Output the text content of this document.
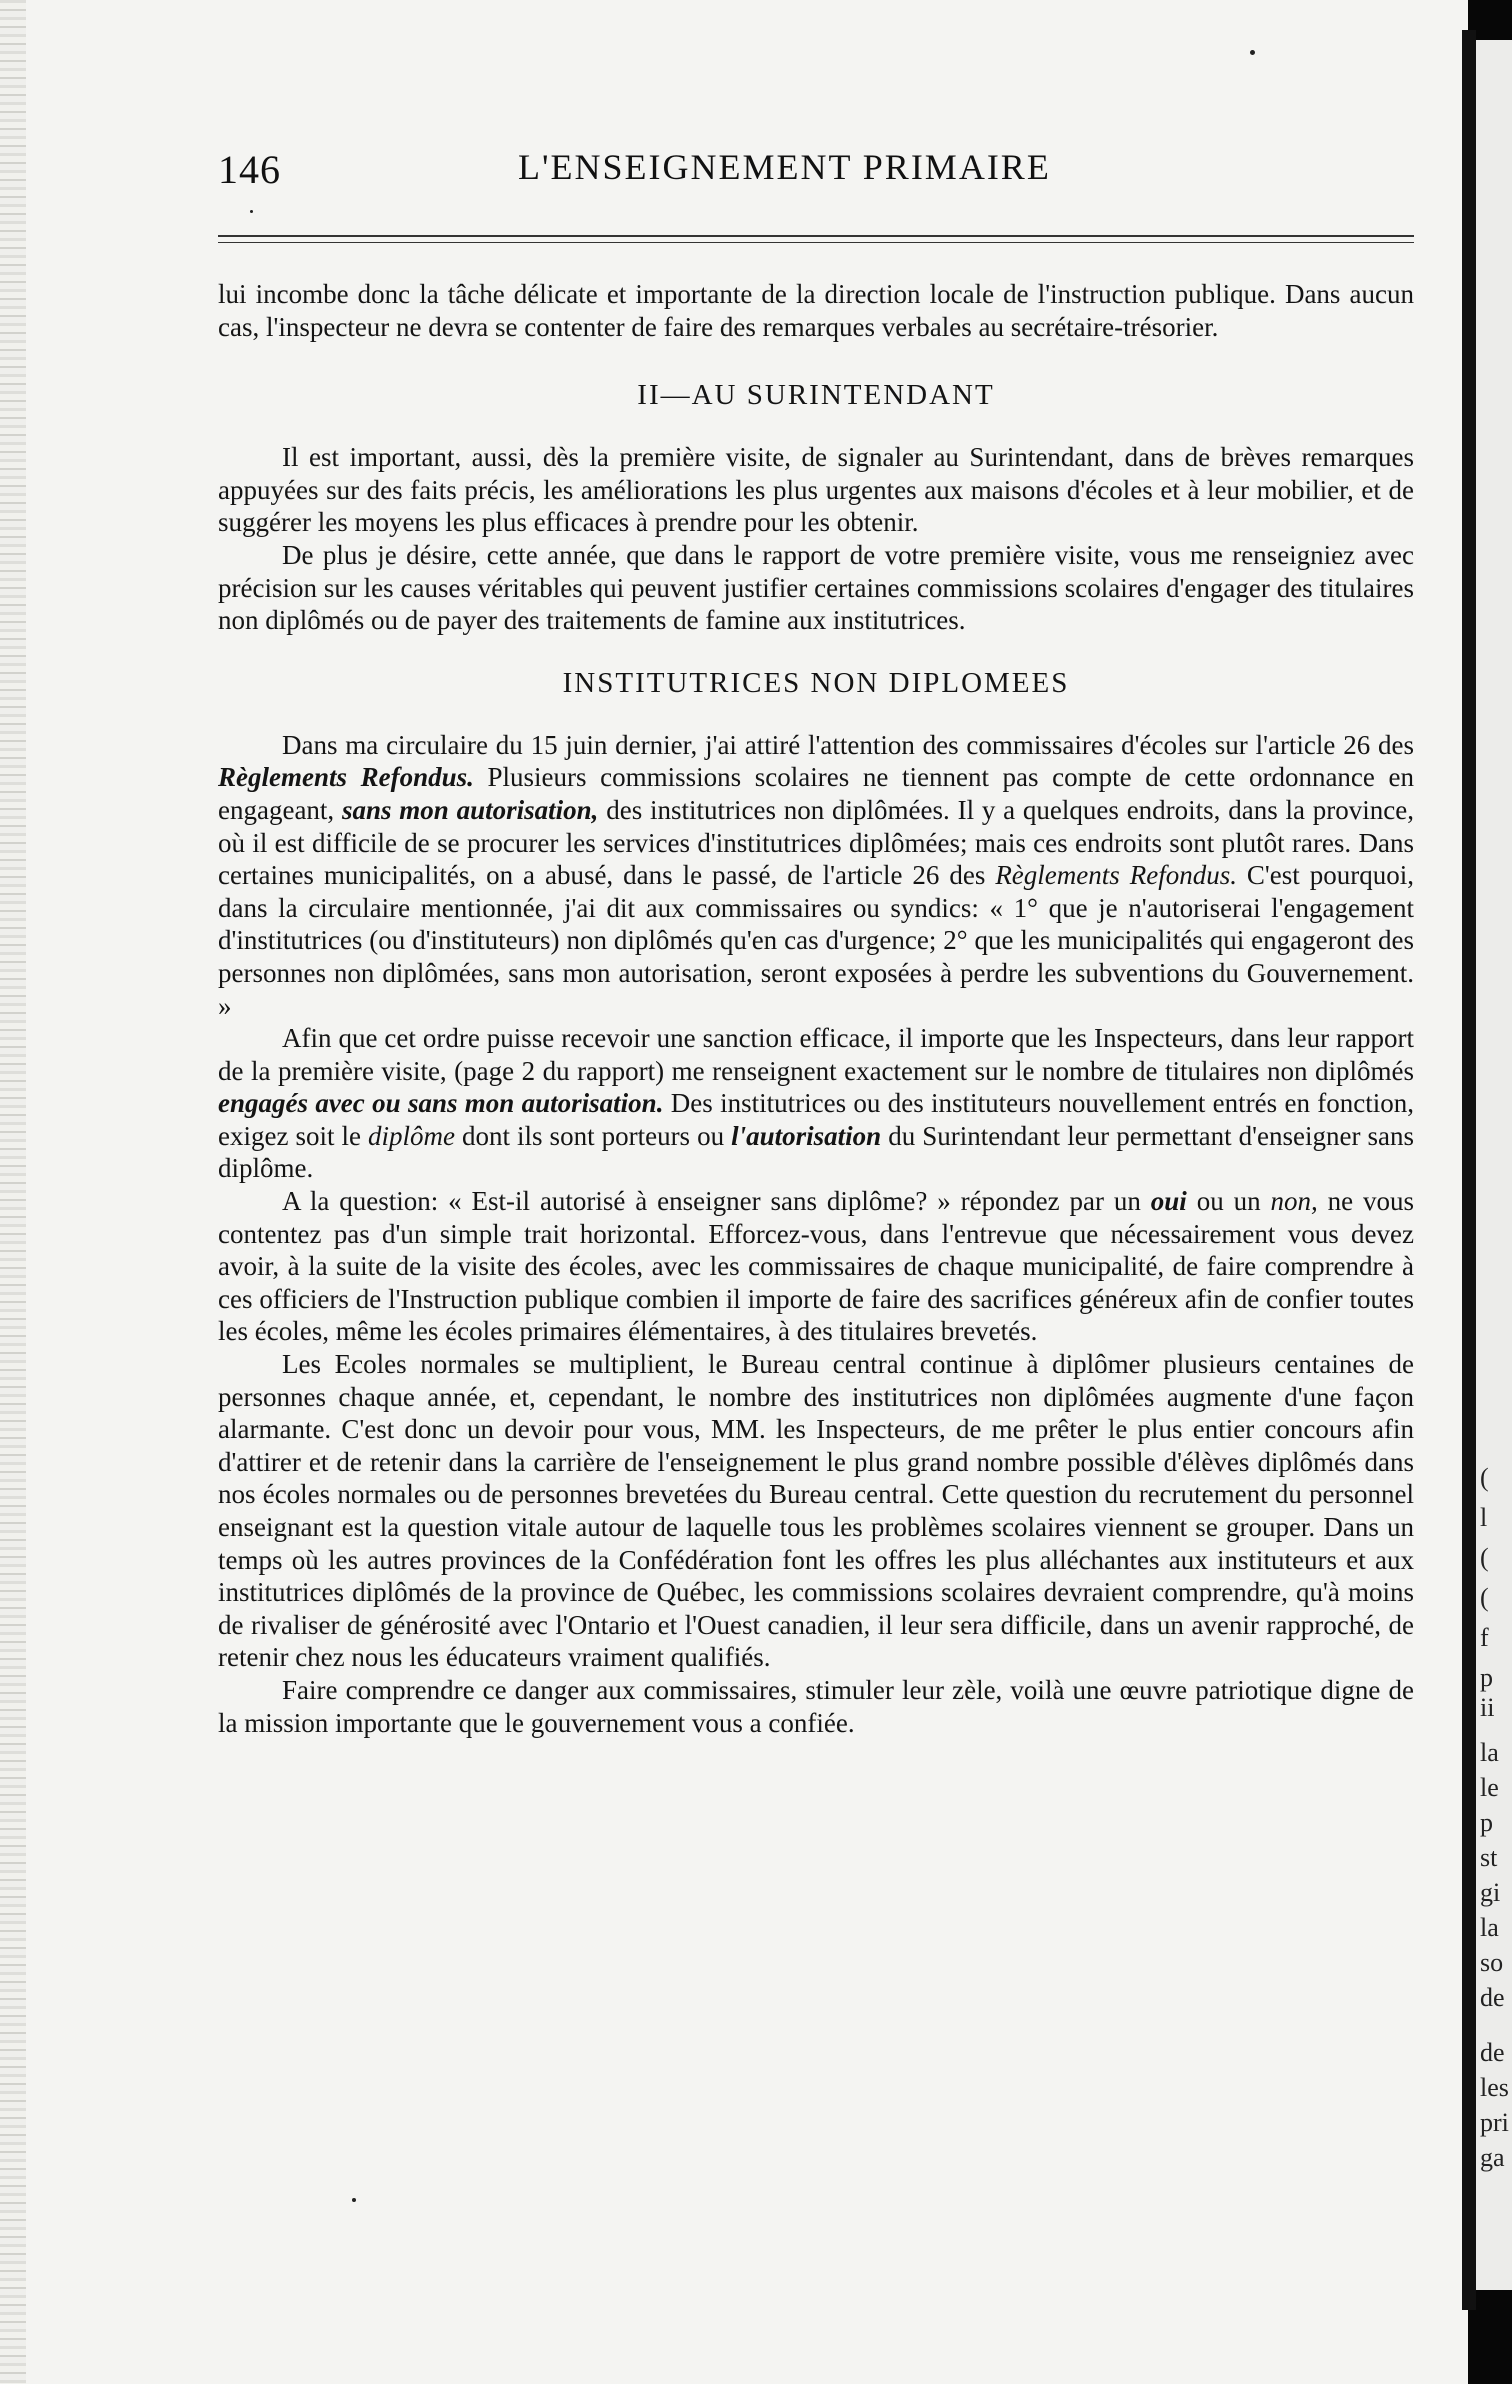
146	L'ENSEIGNEMENT PRIMAIRE

lui incombe donc la tâche délicate et importante de la direction locale de l'instruction publique. Dans aucun cas, l'inspecteur ne devra se contenter de faire des remarques verbales au secrétaire-trésorier.

II—AU SURINTENDANT

Il est important, aussi, dès la première visite, de signaler au Surintendant, dans de brèves remarques appuyées sur des faits précis, les améliorations les plus urgentes aux maisons d'écoles et à leur mobilier, et de suggérer les moyens les plus efficaces à prendre pour les obtenir.

De plus je désire, cette année, que dans le rapport de votre première visite, vous me renseigniez avec précision sur les causes véritables qui peuvent justifier certaines commissions scolaires d'engager des titulaires non diplômés ou de payer des traitements de famine aux institutrices.

INSTITUTRICES NON DIPLOMEES

Dans ma circulaire du 15 juin dernier, j'ai attiré l'attention des commissaires d'écoles sur l'article 26 des Règlements Refondus. Plusieurs commissions scolaires ne tiennent pas compte de cette ordonnance en engageant, sans mon autorisation, des institutrices non diplômées. Il y a quelques endroits, dans la province, où il est difficile de se procurer les services d'institutrices diplômées; mais ces endroits sont plutôt rares. Dans certaines municipalités, on a abusé, dans le passé, de l'article 26 des Règlements Refondus. C'est pourquoi, dans la circulaire mentionnée, j'ai dit aux commissaires ou syndics: « 1° que je n'autoriserai l'engagement d'institutrices (ou d'instituteurs) non diplômés qu'en cas d'urgence; 2° que les municipalités qui engageront des personnes non diplômées, sans mon autorisation, seront exposées à perdre les subventions du Gouvernement. »

Afin que cet ordre puisse recevoir une sanction efficace, il importe que les Inspecteurs, dans leur rapport de la première visite, (page 2 du rapport) me renseignent exactement sur le nombre de titulaires non diplômés engagés avec ou sans mon autorisation. Des institutrices ou des instituteurs nouvellement entrés en fonction, exigez soit le diplôme dont ils sont porteurs ou l'autorisation du Surintendant leur permettant d'enseigner sans diplôme.

A la question: « Est-il autorisé à enseigner sans diplôme? » répondez par un oui ou un non, ne vous contentez pas d'un simple trait horizontal. Efforcez-vous, dans l'entrevue que nécessairement vous devez avoir, à la suite de la visite des écoles, avec les commissaires de chaque municipalité, de faire comprendre à ces officiers de l'Instruction publique combien il importe de faire des sacrifices généreux afin de confier toutes les écoles, même les écoles primaires élémentaires, à des titulaires brevetés.

Les Ecoles normales se multiplient, le Bureau central continue à diplômer plusieurs centaines de personnes chaque année, et, cependant, le nombre des institutrices non diplômées augmente d'une façon alarmante. C'est donc un devoir pour vous, MM. les Inspecteurs, de me prêter le plus entier concours afin d'attirer et de retenir dans la carrière de l'enseignement le plus grand nombre possible d'élèves diplômés dans nos écoles normales ou de personnes brevetées du Bureau central. Cette question du recrutement du personnel enseignant est la question vitale autour de laquelle tous les problèmes scolaires viennent se grouper. Dans un temps où les autres provinces de la Confédération font les offres les plus alléchantes aux instituteurs et aux institutrices diplômés de la province de Québec, les commissions scolaires devraient comprendre, qu'à moins de rivaliser de générosité avec l'Ontario et l'Ouest canadien, il leur sera difficile, dans un avenir rapproché, de retenir chez nous les éducateurs vraiment qualifiés.

Faire comprendre ce danger aux commissaires, stimuler leur zèle, voilà une œuvre patriotique digne de la mission importante que le gouvernement vous a confiée.

(
l
(
(
f
p
ii
la
le
p
st
gi
la
so
de
de
les
pri
ga
